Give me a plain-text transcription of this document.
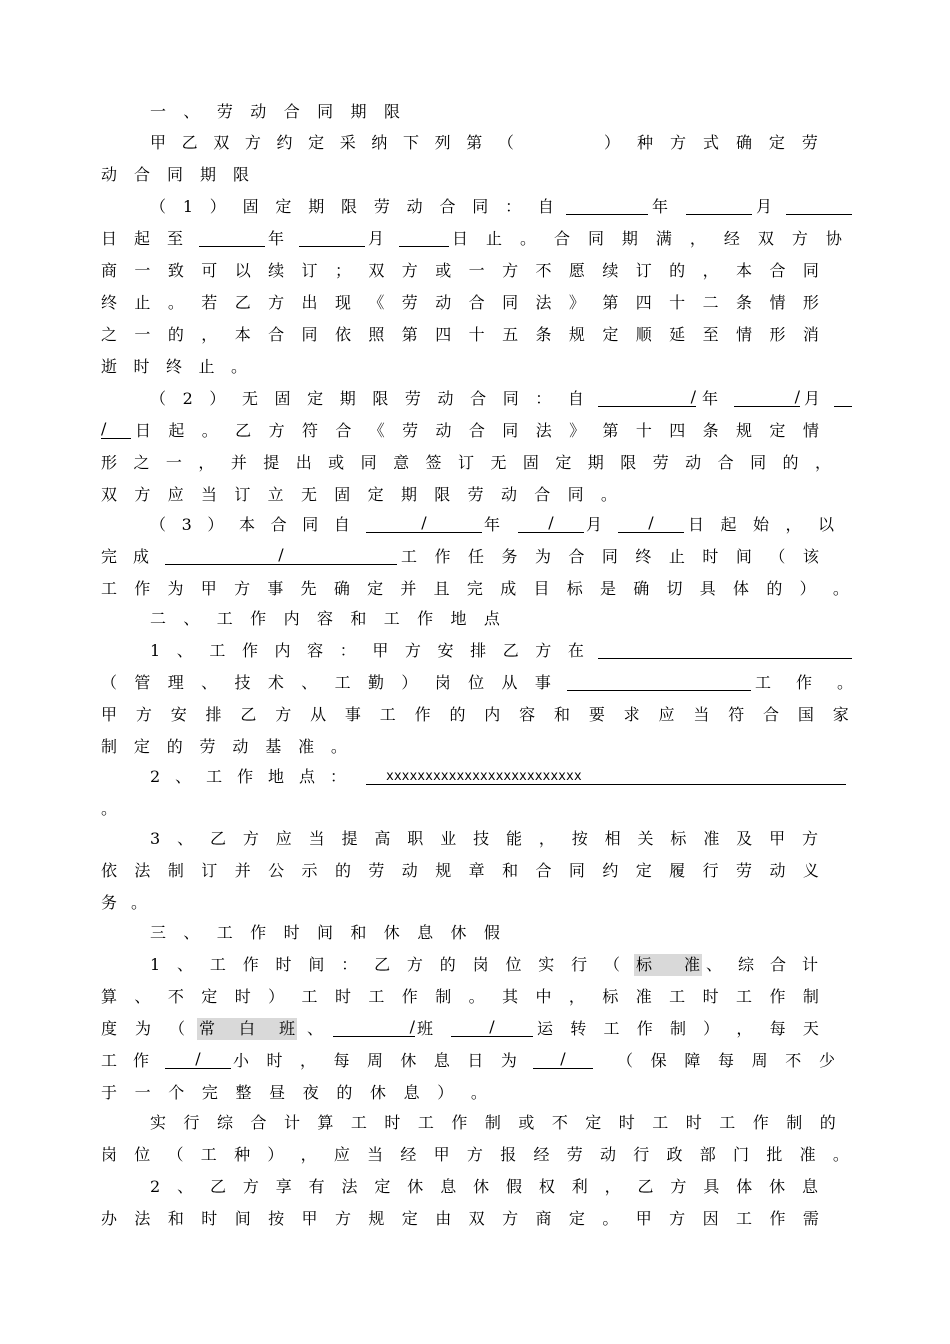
一 、 劳 动 合 同 期 限
甲 乙 双 方 约 定 采 纳 下 列 第 （	） 种 方 式 确 定 劳
动 合 同 期 限
（ 1 ） 固 定 期 限 劳 动 合 同 ： 自

	年

	月

日 起 至

	年

	月

	日 止 。 合 同 期 满 ， 经 双 方 协

商 一 致 可 以 续 订 ； 双 方 或 一 方 不 愿 续 订 的 ， 本 合 同
终 止 。 若 乙 方 出 现 《 劳 动 合 同 法 》 第 四 十 二 条 情 形
之 一 的 ， 本 合 同 依 照 第 四 十 五 条 规 定 顺 延 至 情 形 消
逝 时 终 止 。
（ 2 ） 无 固 定 期 限 劳 动 合 同 ： 自

	/

年

	/

月

/

	日 起 。 乙 方 符 合 《 劳 动 合 同 法 》 第 十 四 条 规 定 情

形 之 一 ， 并 提 出 或 同 意 签 订 无 固 定 期 限 劳 动 合 同 的 ，
双 方 应 当 订 立 无 固 定 期 限 劳 动 合 同 。
（ 3 ） 本 合 同 自

	/

	年

	/

	月

	/

	日 起 始 ， 以

完 成

	/

	工 作 任 务 为 合 同 终 止 时 间 （ 该

工 作 为 甲 方 事 先 确 定 并 且 完 成 目 标 是 确 切 具 体 的 ） 。
二 、 工 作 内 容 和 工 作 地 点
1 、 工 作 内 容 ： 甲 方 安 排 乙 方 在

（ 管 理 、 技 术 、 工 勤 ） 岗 位 从 事

	工 作 。

甲 方 安 排 乙 方 从 事 工 作 的 内 容 和 要 求 应 当 符 合 国 家
制 定 的 劳 动 基 准 。

2 、 工 作 地 点 ：

	xxxxxxxxxxxxxxxxxxxxxxxxx

。
3 、 乙 方 应 当 提 高 职 业 技 能 ， 按 相 关 标 准 及 甲 方
依 法 制 订 并 公 示 的 劳 动 规 章 和 合 同 约 定 履 行 劳 动 义
务 。
三 、 工 作 时 间 和 休 息 休 假

1 、 工 作 时 间 ： 乙 方 的 岗 位 实 行 （

标 准

、 综 合 计

算 、 不 定 时 ） 工 时 工 作 制 。 其 中 ， 标 准 工 时 工 作 制

度 为 （

常 白 班

、

	/

班

	/

	运 转 工 作 制 ） ， 每 天

工 作

	/

	小 时 ， 每 周 休 息 日 为

	/

	（ 保 障 每 周 不 少

于 一 个 完 整 昼 夜 的 休 息 ） 。
实 行 综 合 计 算 工 时 工 作 制 或 不 定 时 工 时 工 作 制 的
岗 位 （ 工 种 ） ， 应 当 经 甲 方 报 经 劳 动 行 政 部 门 批 准 。
2 、 乙 方 享 有 法 定 休 息 休 假 权 利 ， 乙 方 具 体 休 息
办 法 和 时 间 按 甲 方 规 定 由 双 方 商 定 。 甲 方 因 工 作 需
